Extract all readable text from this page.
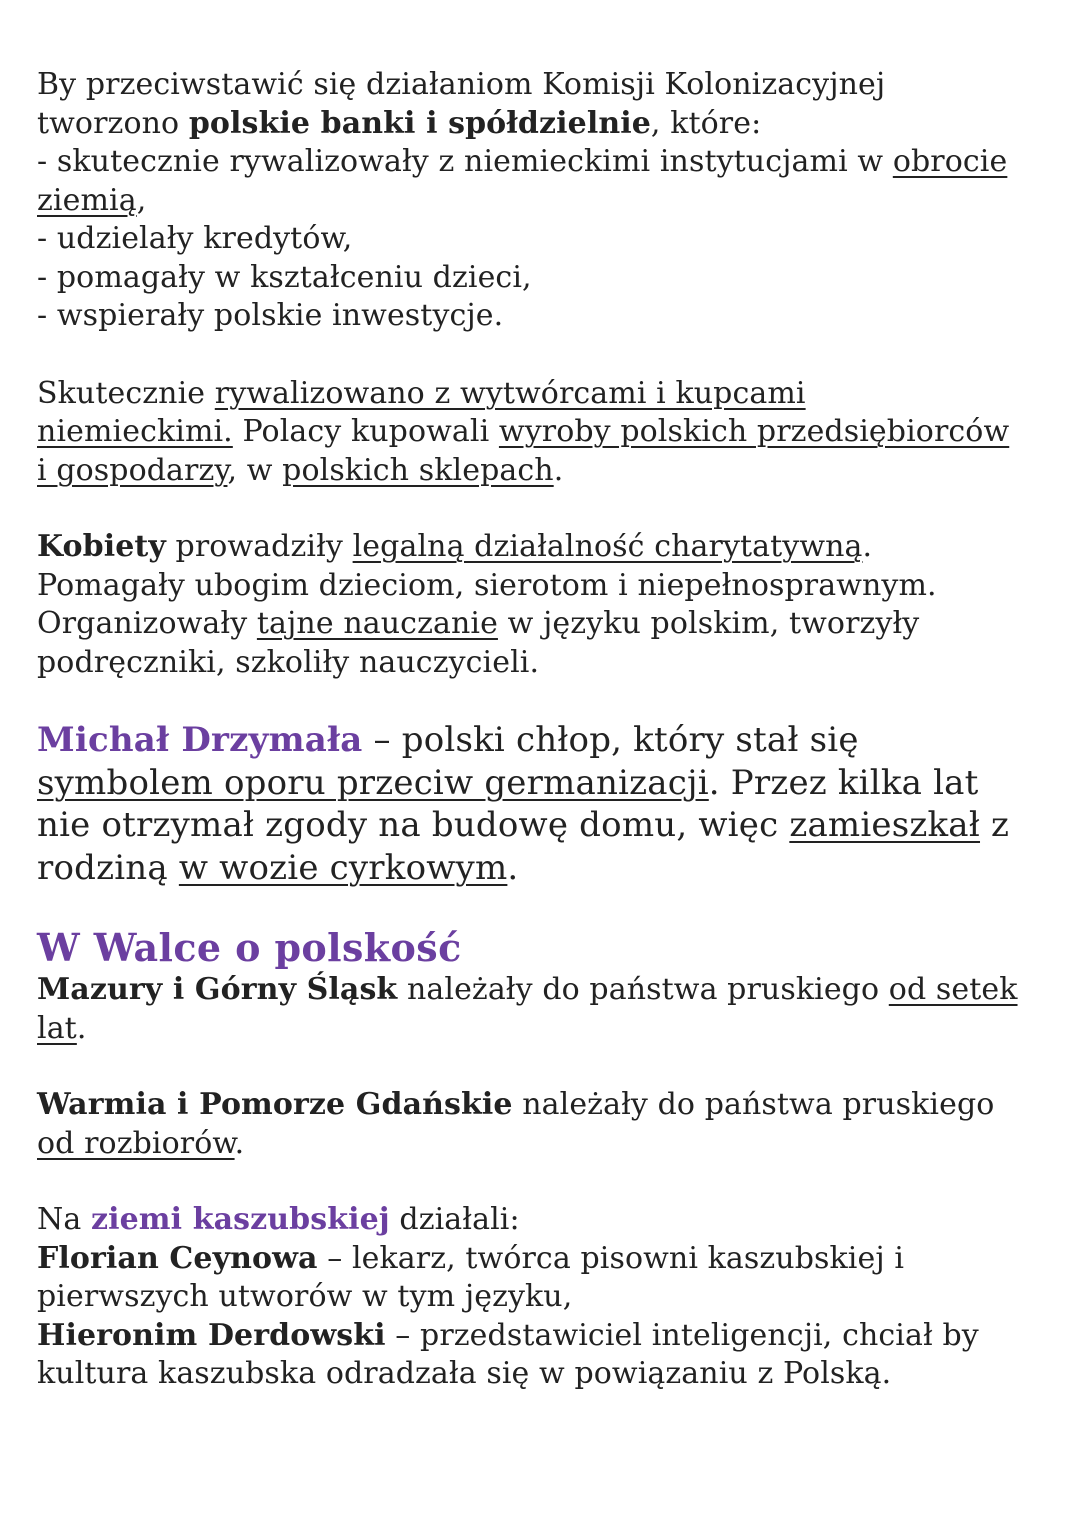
By przeciwstawić się działaniom Komisji Kolonizacyjnej
tworzono polskie banki i spółdzielnie, które:
- skutecznie rywalizowały z niemieckimi instytucjami w obrocie
ziemią,
- udzielały kredytów,
- pomagały w kształceniu dzieci,
- wspierały polskie inwestycje.

Skutecznie rywalizowano z wytwórcami i kupcami
niemieckimi. Polacy kupowali wyroby polskich przedsiębiorców
i gospodarzy, w polskich sklepach.

Kobiety prowadziły legalną działalność charytatywną.
Pomagały ubogim dzieciom, sierotom i niepełnosprawnym.
Organizowały tajne nauczanie w języku polskim, tworzyły
podręczniki, szkoliły nauczycieli.

Michał Drzymała – polski chłop, który stał się
symbolem oporu przeciw germanizacji. Przez kilka lat
nie otrzymał zgody na budowę domu, więc zamieszkał z
rodziną w wozie cyrkowym.

W Walce o polskość

Mazury i Górny Śląsk należały do państwa pruskiego od setek
lat.

Warmia i Pomorze Gdańskie należały do państwa pruskiego
od rozbiorów.

Na ziemi kaszubskiej działali:
Florian Ceynowa – lekarz, twórca pisowni kaszubskiej i
pierwszych utworów w tym języku,
Hieronim Derdowski – przedstawiciel inteligencji, chciał by
kultura kaszubska odradzała się w powiązaniu z Polską.
